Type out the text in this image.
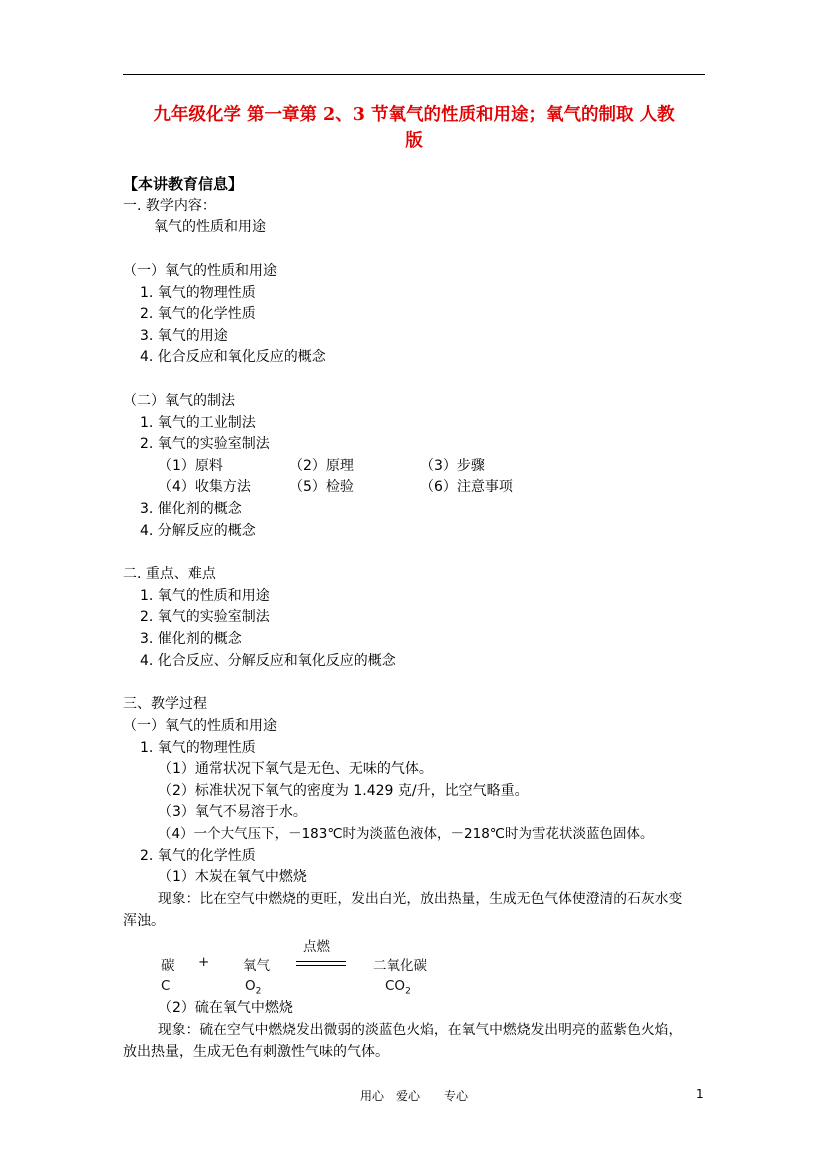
九年级化学 第一章第 2、3 节氧气的性质和用途；氧气的制取 人教
版
【本讲教育信息】
一. 教学内容：
氧气的性质和用途
（一）氧气的性质和用途
1. 氧气的物理性质
2. 氧气的化学性质
3. 氧气的用途
4. 化合反应和氧化反应的概念
（二）氧气的制法
1. 氧气的工业制法
2. 氧气的实验室制法
（1）原料	（2）原理	（3）步骤
（4）收集方法	（5）检验	（6）注意事项
3. 催化剂的概念
4. 分解反应的概念
二. 重点、难点
1. 氧气的性质和用途
2. 氧气的实验室制法
3. 催化剂的概念
4. 化合反应、分解反应和氧化反应的概念
三、教学过程
（一）氧气的性质和用途
1. 氧气的物理性质
（1）通常状况下氧气是无色、无味的气体。
（2）标准状况下氧气的密度为 1.429 克/升，比空气略重。
（3）氧气不易溶于水。
（4）一个大气压下，－183℃时为淡蓝色液体，－218℃时为雪花状淡蓝色固体。
2. 氧气的化学性质
（1）木炭在氧气中燃烧
现象：比在空气中燃烧的更旺，发出白光，放出热量，生成无色气体使澄清的石灰水变
浑浊。
点燃
碳 + 氧气	二氧化碳
C	$O_2$	$CO_2$
（2）硫在氧气中燃烧
现象：硫在空气中燃烧发出微弱的淡蓝色火焰，在氧气中燃烧发出明亮的蓝紫色火焰，
放出热量，生成无色有刺激性气味的气体。
用心　爱心　　专心	1
